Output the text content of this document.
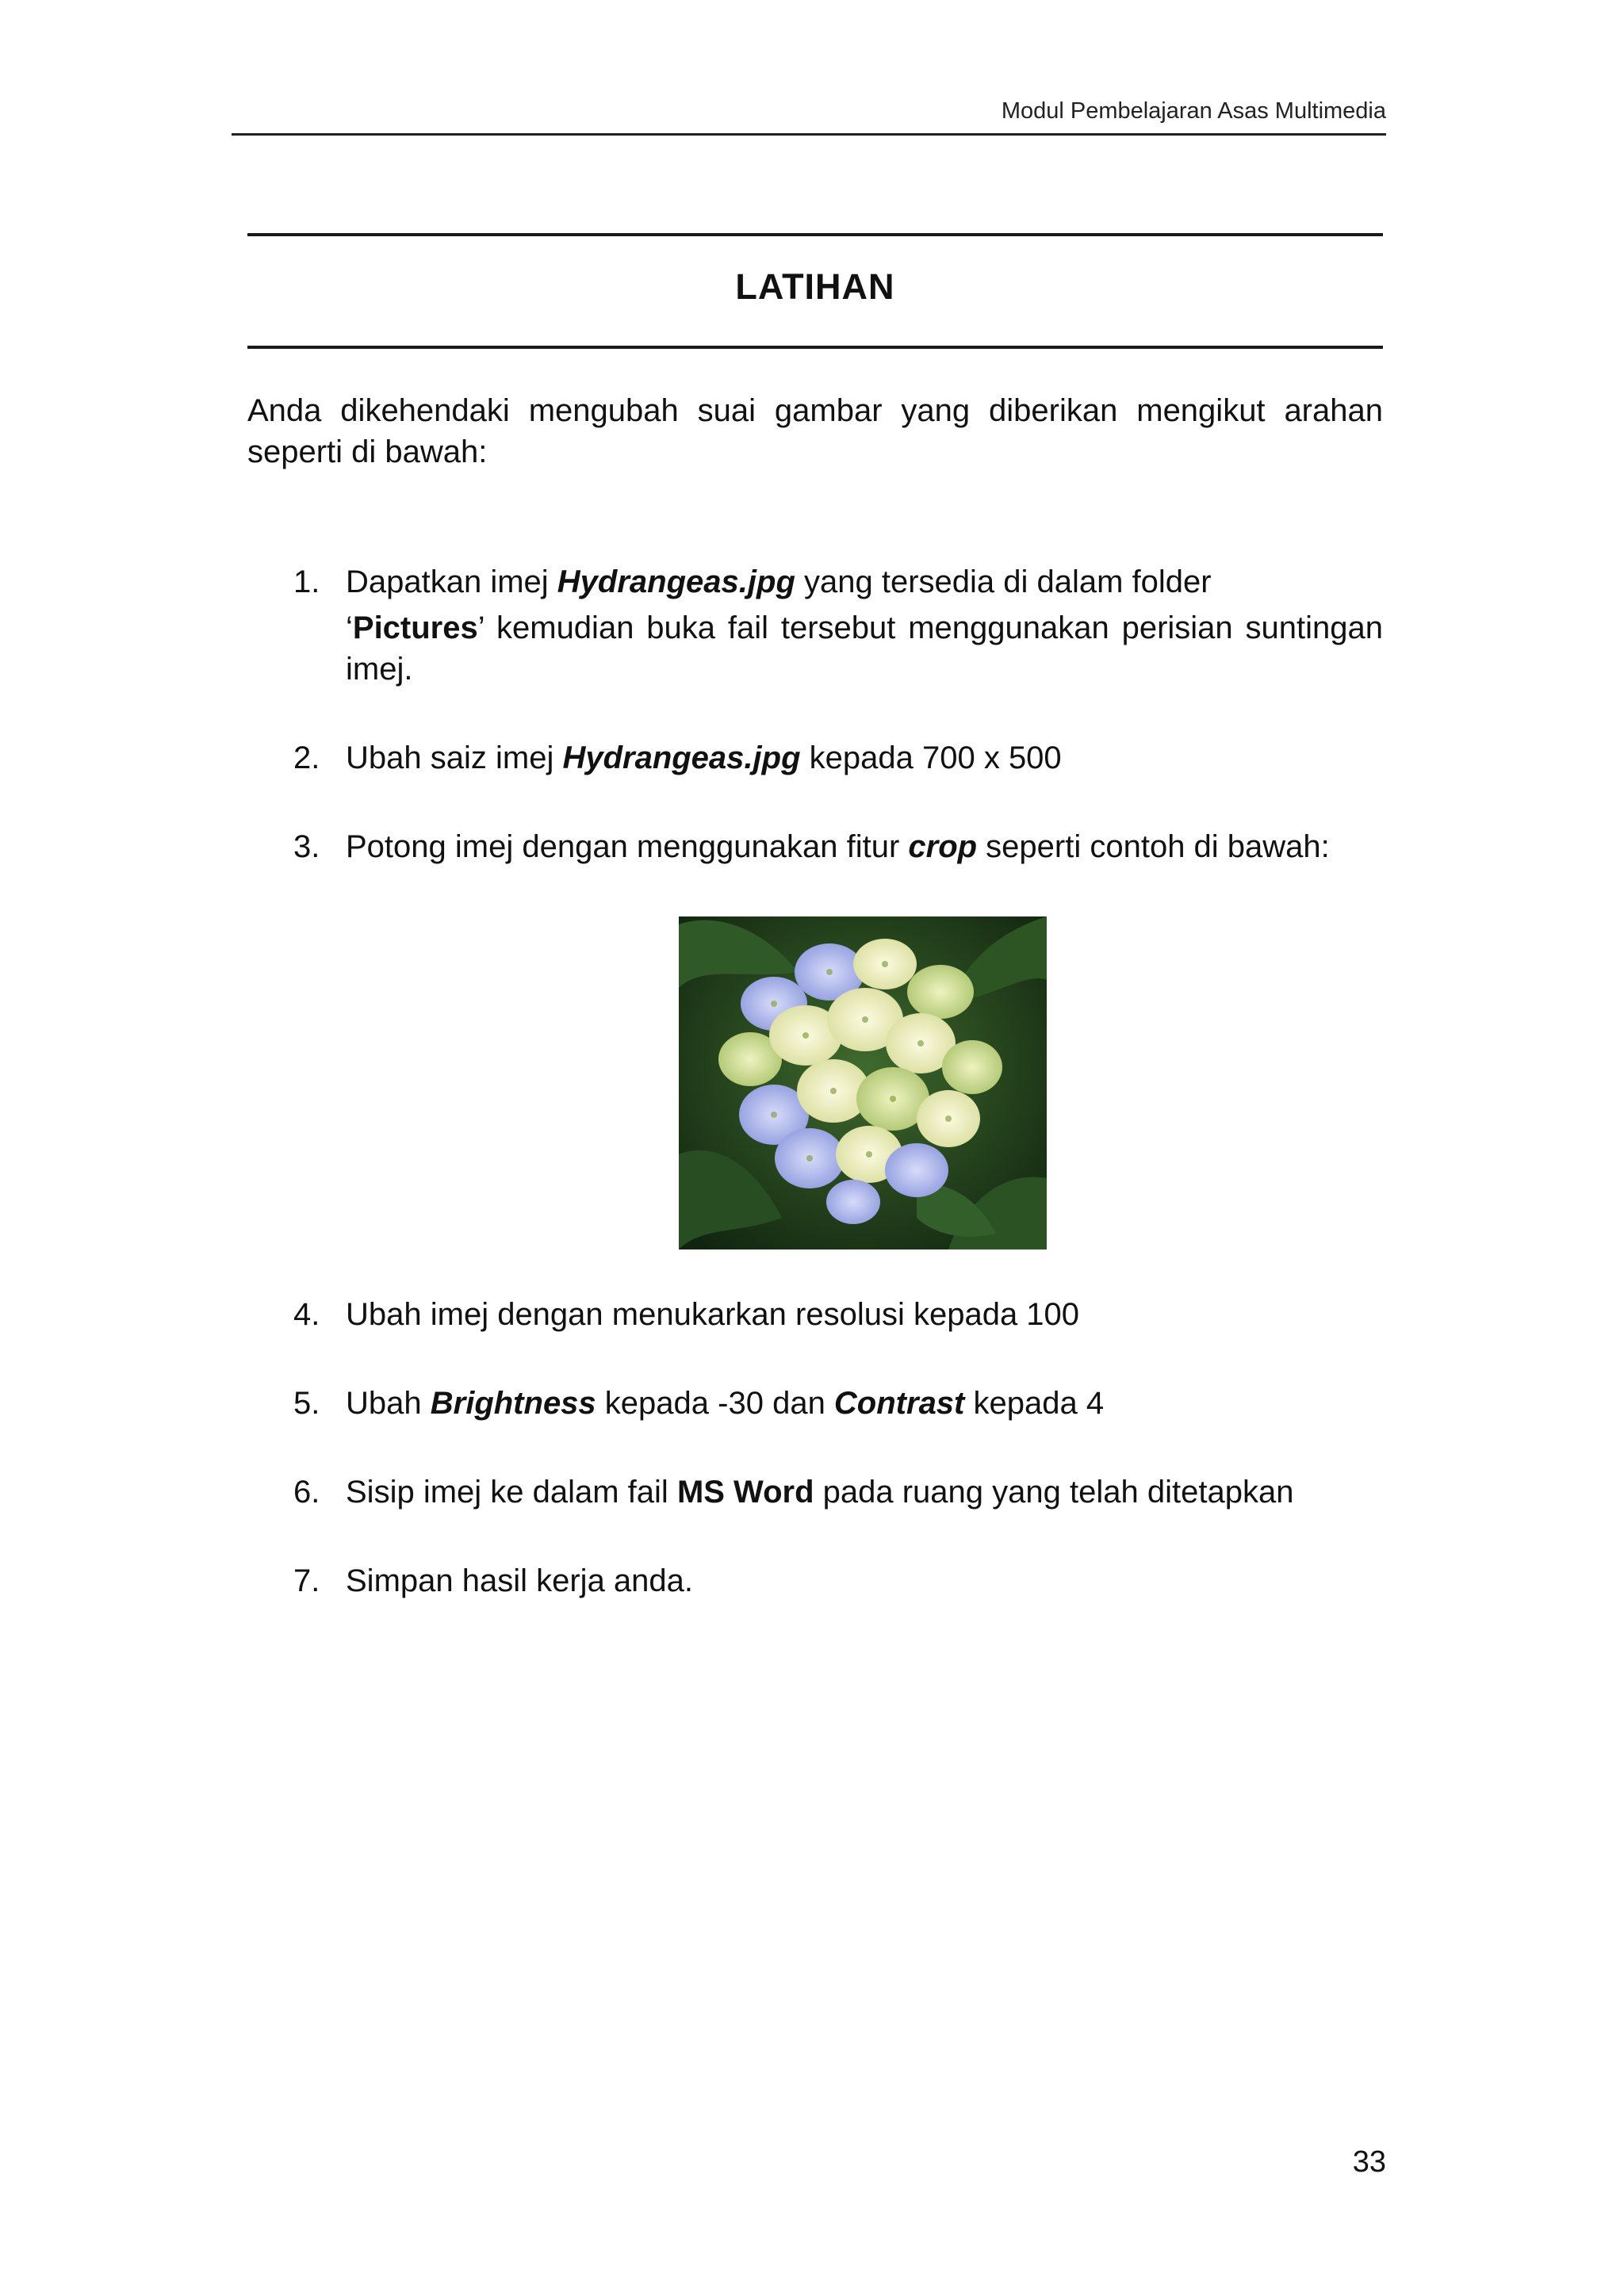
Modul Pembelajaran Asas Multimedia
LATIHAN
Anda dikehendaki mengubah suai gambar yang diberikan mengikut arahan seperti di bawah:
1. Dapatkan imej Hydrangeas.jpg yang tersedia di dalam folder
‘Pictures’ kemudian buka fail tersebut menggunakan perisian suntingan imej.
2. Ubah saiz imej Hydrangeas.jpg kepada 700 x 500
3. Potong imej dengan menggunakan fitur crop seperti contoh di bawah:
4. Ubah imej dengan menukarkan resolusi kepada 100
5. Ubah Brightness kepada -30 dan Contrast kepada 4
6. Sisip imej ke dalam fail MS Word pada ruang yang telah ditetapkan
7. Simpan hasil kerja anda.
33
